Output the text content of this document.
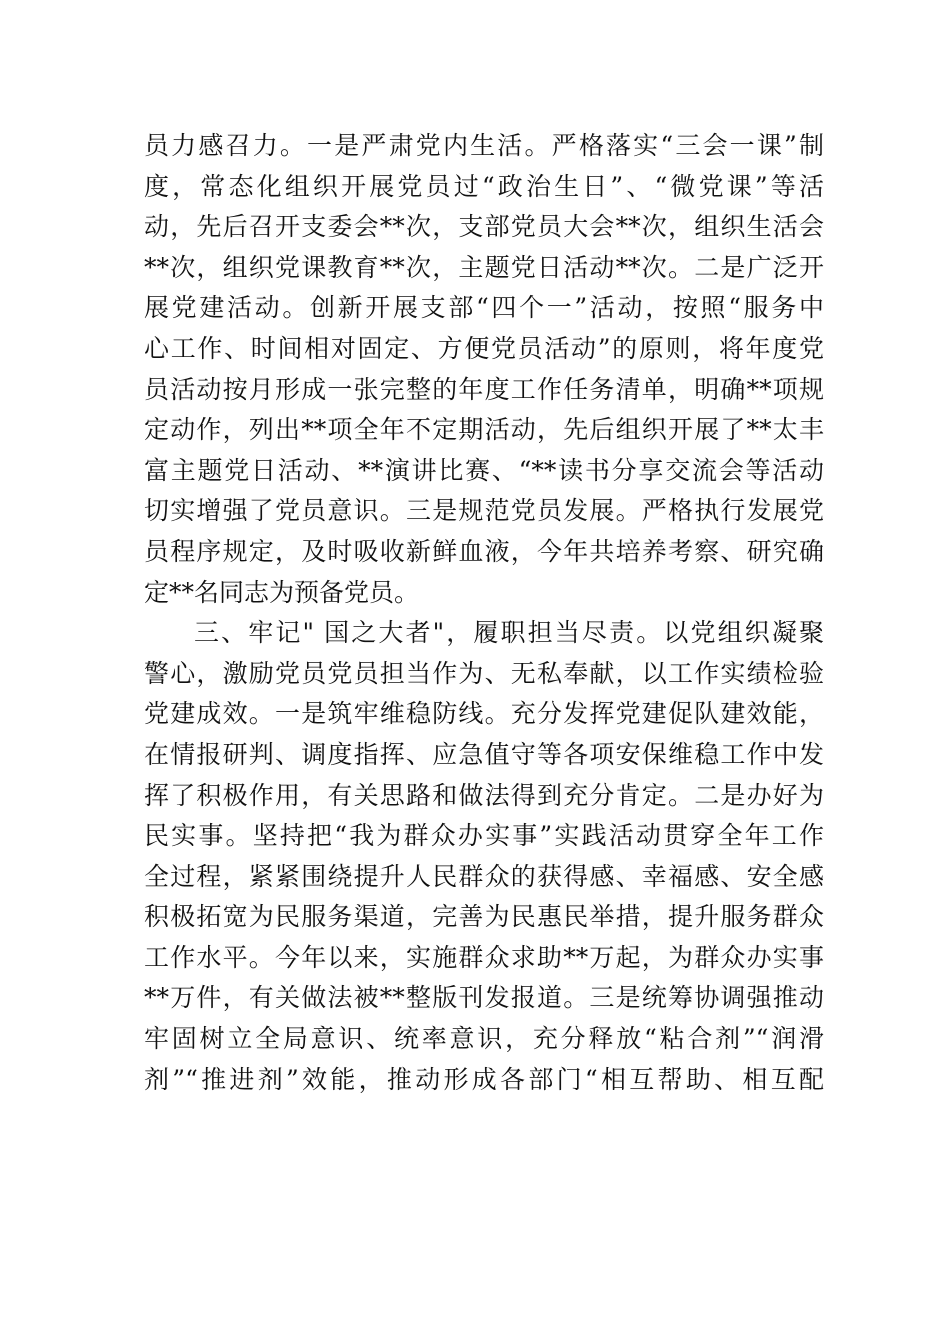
员力感召力。一是严肃党内生活。严格落实“三会一课”制
度，常态化组织开展党员过“政治生日”、“微党课”等活
动，先后召开支委会**次，支部党员大会**次，组织生活会
**次，组织党课教育**次，主题党日活动**次。二是广泛开
展党建活动。创新开展支部“四个一”活动，按照“服务中
心工作、时间相对固定、方便党员活动”的原则，将年度党
员活动按月形成一张完整的年度工作任务清单，明确**项规
定动作，列出**项全年不定期活动，先后组织开展了**太丰
富主题党日活动、**演讲比赛、“**读书分享交流会等活动
切实增强了党员意识。三是规范党员发展。严格执行发展党
员程序规定，及时吸收新鲜血液，今年共培养考察、研究确
定**名同志为预备党员。
三、牢记" 国之大者"，履职担当尽责。以党组织凝聚
警心，激励党员党员担当作为、无私奉献，以工作实绩检验
党建成效。一是筑牢维稳防线。充分发挥党建促队建效能，
在情报研判、调度指挥、应急值守等各项安保维稳工作中发
挥了积极作用，有关思路和做法得到充分肯定。二是办好为
民实事。坚持把“我为群众办实事”实践活动贯穿全年工作
全过程，紧紧围绕提升人民群众的获得感、幸福感、安全感
积极拓宽为民服务渠道，完善为民惠民举措，提升服务群众
工作水平。今年以来，实施群众求助**万起，为群众办实事
**万件，有关做法被**整版刊发报道。三是统筹协调强推动
牢固树立全局意识、统率意识，充分释放“粘合剂”“润滑
剂”“推进剂”效能，推动形成各部门“相互帮助、相互配
